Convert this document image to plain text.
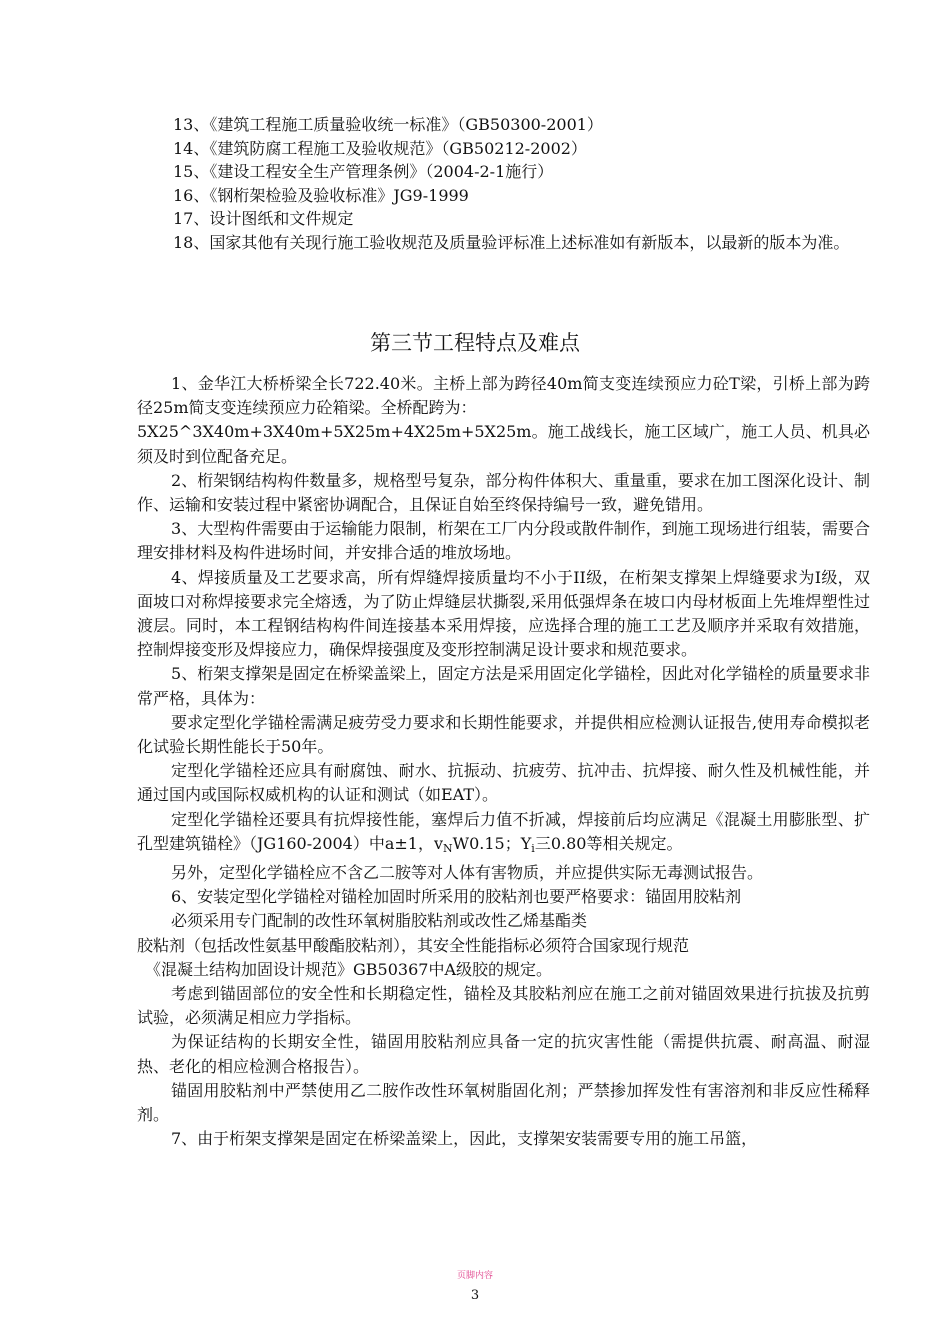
13、《建筑工程施工质量验收统一标准》（GB50300-2001）

14、《建筑防腐工程施工及验收规范》（GB50212-2002）

15、《建设工程安全生产管理条例》（2004-2-1施行）

16、《钢桁架检验及验收标准》JG9-1999

17、设计图纸和文件规定

18、国家其他有关现行施工验收规范及质量验评标准上述标准如有新版本，以最新的版本为准。

第三节工程特点及难点

1、金华江大桥桥梁全长722.40米。主桥上部为跨径40m简支变连续预应力砼T梁，引桥上部为跨径25m简支变连续预应力砼箱梁。全桥配跨为：

5X25^3X40m+3X40m+5X25m+4X25m+5X25m。施工战线长，施工区域广，施工人员、机具必须及时到位配备充足。

2、桁架钢结构构件数量多，规格型号复杂，部分构件体积大、重量重，要求在加工图深化设计、制作、运输和安装过程中紧密协调配合，且保证自始至终保持编号一致，避免错用。

3、大型构件需要由于运输能力限制，桁架在工厂内分段或散件制作，到施工现场进行组装，需要合理安排材料及构件进场时间，并安排合适的堆放场地。

4、焊接质量及工艺要求高，所有焊缝焊接质量均不小于II级，在桁架支撑架上焊缝要求为I级，双面坡口对称焊接要求完全熔透，为了防止焊缝层状撕裂,采用低强焊条在坡口内母材板面上先堆焊塑性过渡层。同时，本工程钢结构构件间连接基本采用焊接，应选择合理的施工工艺及顺序并采取有效措施，控制焊接变形及焊接应力，确保焊接强度及变形控制满足设计要求和规范要求。

5、桁架支撑架是固定在桥梁盖梁上，固定方法是采用固定化学锚栓，因此对化学锚栓的质量要求非常严格，具体为：

要求定型化学锚栓需满足疲劳受力要求和长期性能要求，并提供相应检测认证报告,使用寿命模拟老化试验长期性能长于50年。

定型化学锚栓还应具有耐腐蚀、耐水、抗振动、抗疲劳、抗冲击、抗焊接、耐久性及机械性能，并通过国内或国际权威机构的认证和测试（如EAT）。

定型化学锚栓还要具有抗焊接性能，塞焊后力值不折减，焊接前后均应满足《混凝土用膨胀型、扩孔型建筑锚栓》（JG160-2004）中a±1，$v_NW0.15$；$Y_i$三0.80等相关规定。

另外，定型化学锚栓应不含乙二胺等对人体有害物质，并应提供实际无毒测试报告。

6、安装定型化学锚栓对锚栓加固时所采用的胶粘剂也要严格要求：锚固用胶粘剂

必须采用专门配制的改性环氧树脂胶粘剂或改性乙烯基酯类

胶粘剂（包括改性氨基甲酸酯胶粘剂），其安全性能指标必须符合国家现行规范

《混凝土结构加固设计规范》GB50367中A级胶的规定。

考虑到锚固部位的安全性和长期稳定性，锚栓及其胶粘剂应在施工之前对锚固效果进行抗拔及抗剪试验，必须满足相应力学指标。

为保证结构的长期安全性，锚固用胶粘剂应具备一定的抗灾害性能（需提供抗震、耐高温、耐湿热、老化的相应检测合格报告）。

锚固用胶粘剂中严禁使用乙二胺作改性环氧树脂固化剂；严禁掺加挥发性有害溶剂和非反应性稀释剂。

7、由于桁架支撑架是固定在桥梁盖梁上，因此，支撑架安装需要专用的施工吊篮，

页脚内容
3
